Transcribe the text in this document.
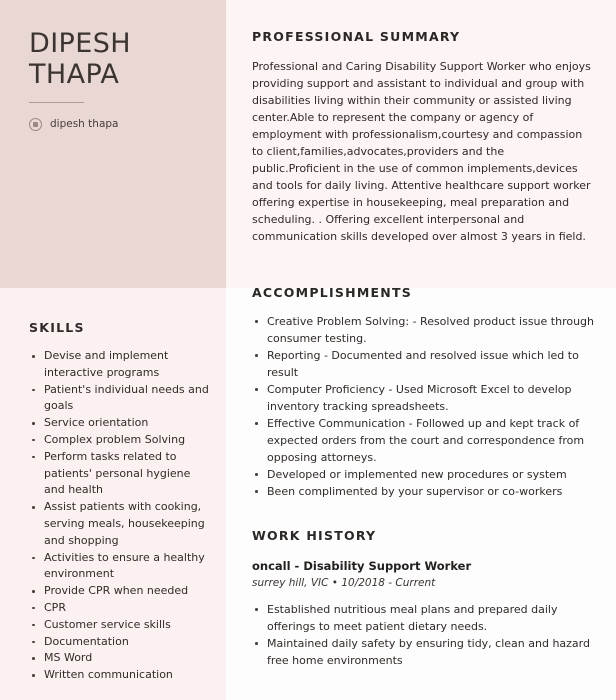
DIPESH
THAPA
dipesh thapa
SKILLS
Devise and implement interactive programs
Patient's individual needs and goals
Service orientation
Complex problem Solving
Perform tasks related to patients' personal hygiene and health
Assist patients with cooking, serving meals, housekeeping and shopping
Activities to ensure a healthy environment
Provide CPR when needed
CPR
Customer service skills
Documentation
MS Word
Written communication
PROFESSIONAL SUMMARY
Professional and Caring Disability Support Worker who enjoys providing support and assistant to individual and group with disabilities living within their community or assisted living center.Able to represent the company or agency of employment with professionalism,courtesy and compassion to client,families,advocates,providers and the public.Proficient in the use of common implements,devices and tools for daily living. Attentive healthcare support worker offering expertise in housekeeping, meal preparation and scheduling. . Offering excellent interpersonal and communication skills developed over almost 3 years in field.
ACCOMPLISHMENTS
Creative Problem Solving: - Resolved product issue through consumer testing.
Reporting - Documented and resolved issue which led to result
Computer Proficiency - Used Microsoft Excel to develop inventory tracking spreadsheets.
Effective Communication - Followed up and kept track of expected orders from the court and correspondence from opposing attorneys.
Developed or implemented new procedures or system
Been complimented by your supervisor or co-workers
WORK HISTORY
oncall - Disability Support Worker
surrey hill, VIC • 10/2018 - Current
Established nutritious meal plans and prepared daily offerings to meet patient dietary needs.
Maintained daily safety by ensuring tidy, clean and hazard free home environments
